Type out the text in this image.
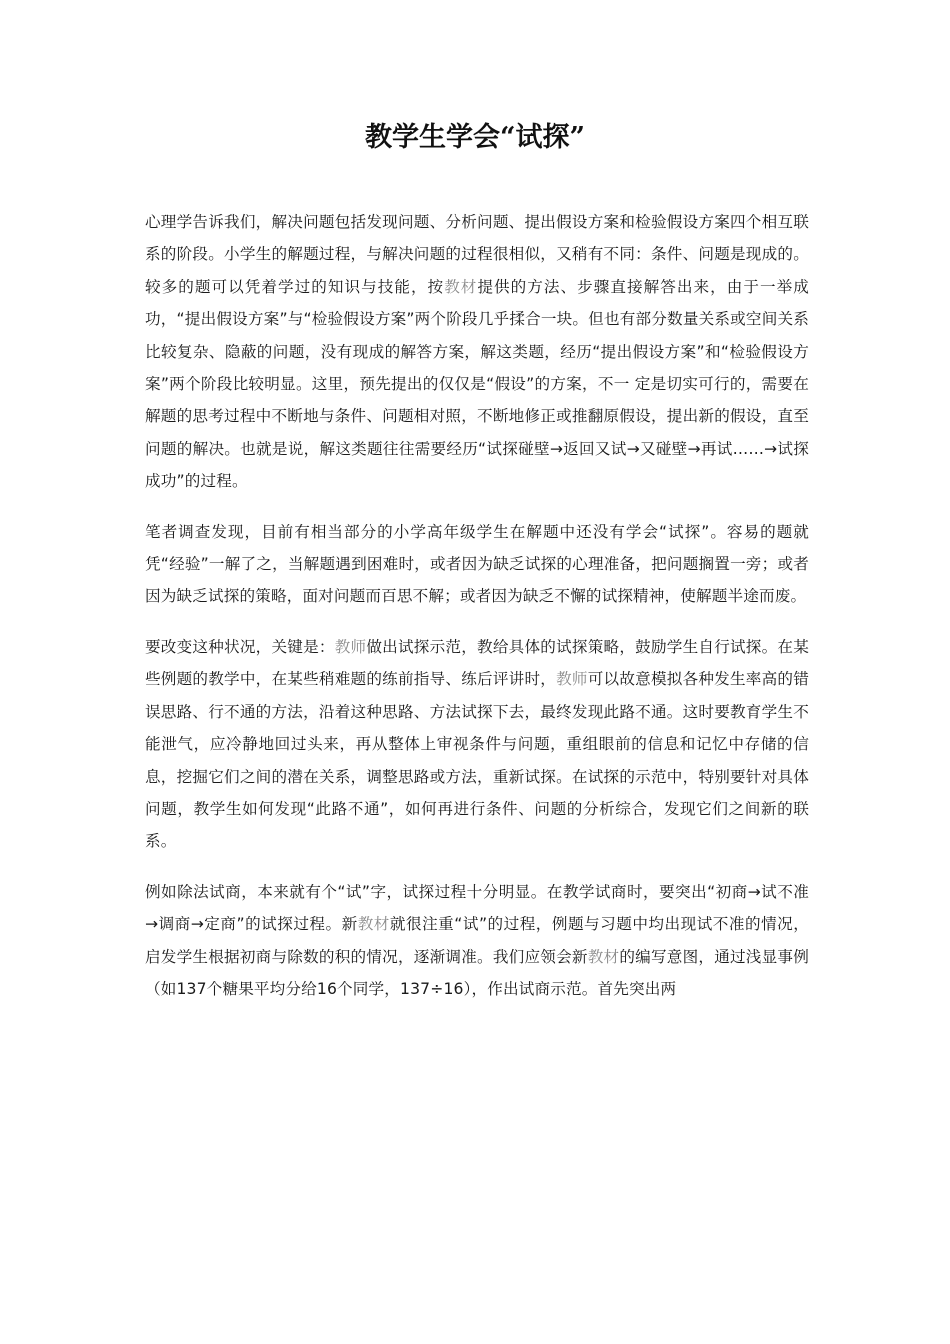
教学生学会“试探”
心理学告诉我们，解决问题包括发现问题、分析问题、提出假设方案和检验假设方案四个相互联系的阶段。小学生的解题过程，与解决问题的过程很相似，又稍有不同：条件、问题是现成的。较多的题可以凭着学过的知识与技能，按教材提供的方法、步骤直接解答出来，由于一举成功，“提出假设方案”与“检验假设方案”两个阶段几乎揉合一块。但也有部分数量关系或空间关系比较复杂、隐蔽的问题，没有现成的解答方案，解这类题，经历“提出假设方案”和“检验假设方案”两个阶段比较明显。这里，预先提出的仅仅是“假设”的方案，不一 定是切实可行的，需要在解题的思考过程中不断地与条件、问题相对照，不断地修正或推翻原假设，提出新的假设，直至问题的解决。也就是说，解这类题往往需要经历“试探碰壁→返回又试→又碰壁→再试……→试探成功”的过程。
笔者调查发现，目前有相当部分的小学高年级学生在解题中还没有学会“试探”。容易的题就凭“经验”一解了之，当解题遇到困难时，或者因为缺乏试探的心理准备，把问题搁置一旁；或者因为缺乏试探的策略，面对问题而百思不解；或者因为缺乏不懈的试探精神，使解题半途而废。
要改变这种状况，关键是：教师做出试探示范，教给具体的试探策略，鼓励学生自行试探。在某些例题的教学中，在某些稍难题的练前指导、练后评讲时，教师可以故意模拟各种发生率高的错误思路、行不通的方法，沿着这种思路、方法试探下去，最终发现此路不通。这时要教育学生不能泄气，应冷静地回过头来，再从整体上审视条件与问题，重组眼前的信息和记忆中存储的信息，挖掘它们之间的潜在关系，调整思路或方法，重新试探。在试探的示范中，特别要针对具体问题，教学生如何发现“此路不通”，如何再进行条件、问题的分析综合，发现它们之间新的联系。
例如除法试商，本来就有个“试”字，试探过程十分明显。在教学试商时，要突出“初商→试不准→调商→定商”的试探过程。新教材就很注重“试”的过程，例题与习题中均出现试不准的情况，启发学生根据初商与除数的积的情况，逐渐调准。我们应领会新教材的编写意图，通过浅显事例（如137个糖果平均分给16个同学，137÷16），作出试商示范。首先突出两
